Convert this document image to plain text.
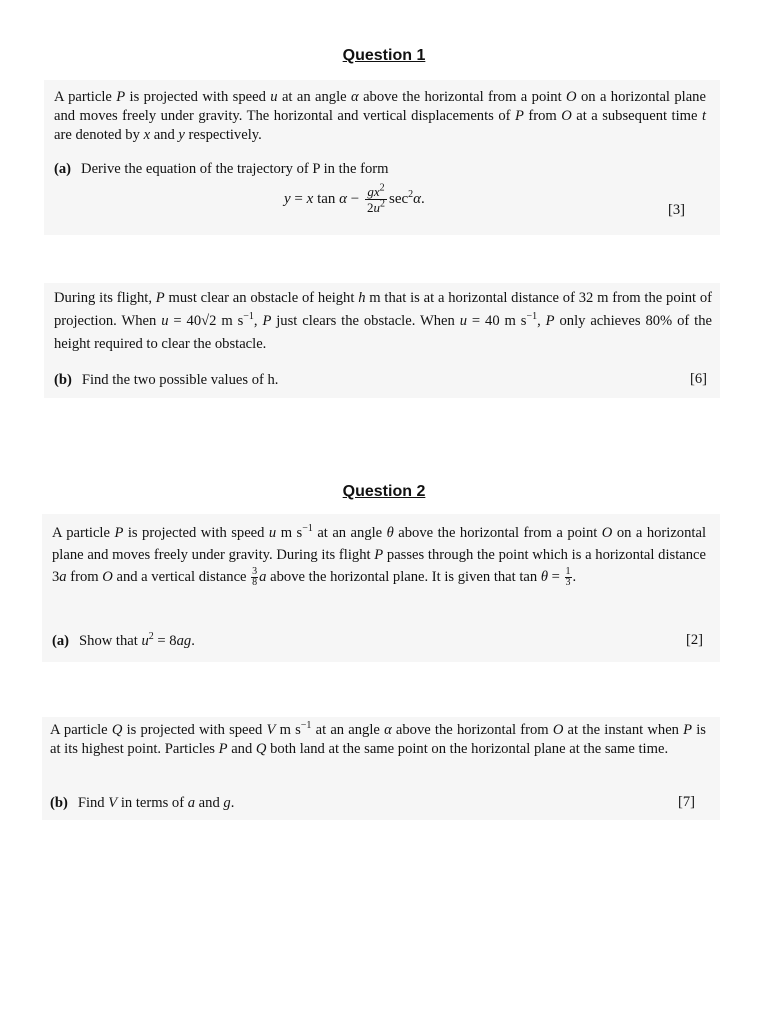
Question 1

A particle P is projected with speed u at an angle α above the horizontal from a point O on a horizontal plane and moves freely under gravity. The horizontal and vertical displacements of P from O at a subsequent time t are denoted by x and y respectively.

(a) Derive the equation of the trajectory of P in the form

y = x $\tan \alpha - \frac{gx^2}{2u^2} \sec^2\alpha$.
[3]

During its flight, P must clear an obstacle of height h m that is at a horizontal distance of 32 m from the point of projection. When u = 40√2 m $s^{-1}$, P just clears the obstacle. When u = 40 m $s^{-1}$, P only achieves 80% of the height required to clear the obstacle.

(b) Find the two possible values of h.	[6]
Question 2

A particle P is projected with speed u m $s^{-1}$ at an angle θ above the horizontal from a point O on a horizontal plane and moves freely under gravity. During its flight P passes through the point which is a horizontal distance 3a from O and a vertical distance $\frac{3}{8}$ a above the horizontal plane. It is given that $\tan \theta = \frac{1}{3}$ .

(a) Show that $u^2 = 8ag$.	[2]

A particle Q is projected with speed V m $s^{-1}$ at an angle α above the horizontal from O at the instant when P is at its highest point. Particles P and Q both land at the same point on the horizontal plane at the same time.

(b) Find V in terms of a and g.	[7]
